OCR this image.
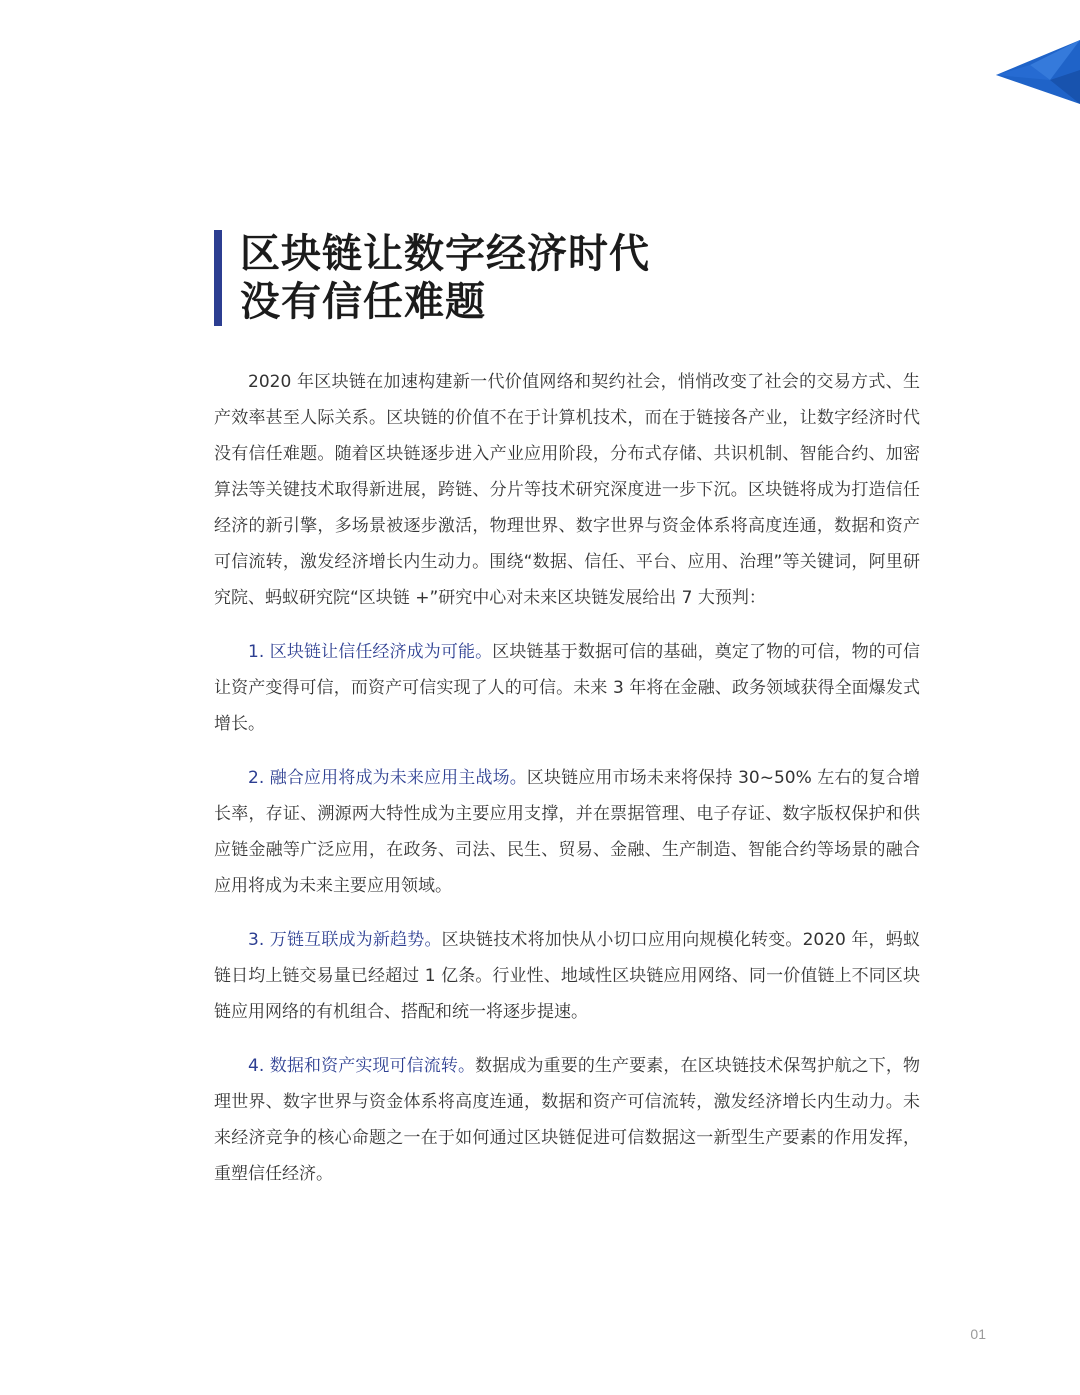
区块链让数字经济时代
没有信任难题

2020 年区块链在加速构建新一代价值网络和契约社会，悄悄改变了社会的交易方式、生产效率甚至人际关系。区块链的价值不在于计算机技术，而在于链接各产业，让数字经济时代没有信任难题。随着区块链逐步进入产业应用阶段，分布式存储、共识机制、智能合约、加密算法等关键技术取得新进展，跨链、分片等技术研究深度进一步下沉。区块链将成为打造信任经济的新引擎，多场景被逐步激活，物理世界、数字世界与资金体系将高度连通，数据和资产可信流转，激发经济增长内生动力。围绕“数据、信任、平台、应用、治理”等关键词，阿里研究院、蚂蚁研究院“区块链 +”研究中心对未来区块链发展给出 7 大预判：

1. 区块链让信任经济成为可能。区块链基于数据可信的基础，奠定了物的可信，物的可信让资产变得可信，而资产可信实现了人的可信。未来 3 年将在金融、政务领域获得全面爆发式增长。

2. 融合应用将成为未来应用主战场。区块链应用市场未来将保持 30~50% 左右的复合增长率，存证、溯源两大特性成为主要应用支撑，并在票据管理、电子存证、数字版权保护和供应链金融等广泛应用，在政务、司法、民生、贸易、金融、生产制造、智能合约等场景的融合应用将成为未来主要应用领域。

3. 万链互联成为新趋势。区块链技术将加快从小切口应用向规模化转变。2020 年，蚂蚁链日均上链交易量已经超过 1 亿条。行业性、地域性区块链应用网络、同一价值链上不同区块链应用网络的有机组合、搭配和统一将逐步提速。

4. 数据和资产实现可信流转。数据成为重要的生产要素，在区块链技术保驾护航之下，物理世界、数字世界与资金体系将高度连通，数据和资产可信流转，激发经济增长内生动力。未来经济竞争的核心命题之一在于如何通过区块链促进可信数据这一新型生产要素的作用发挥，重塑信任经济。

01
